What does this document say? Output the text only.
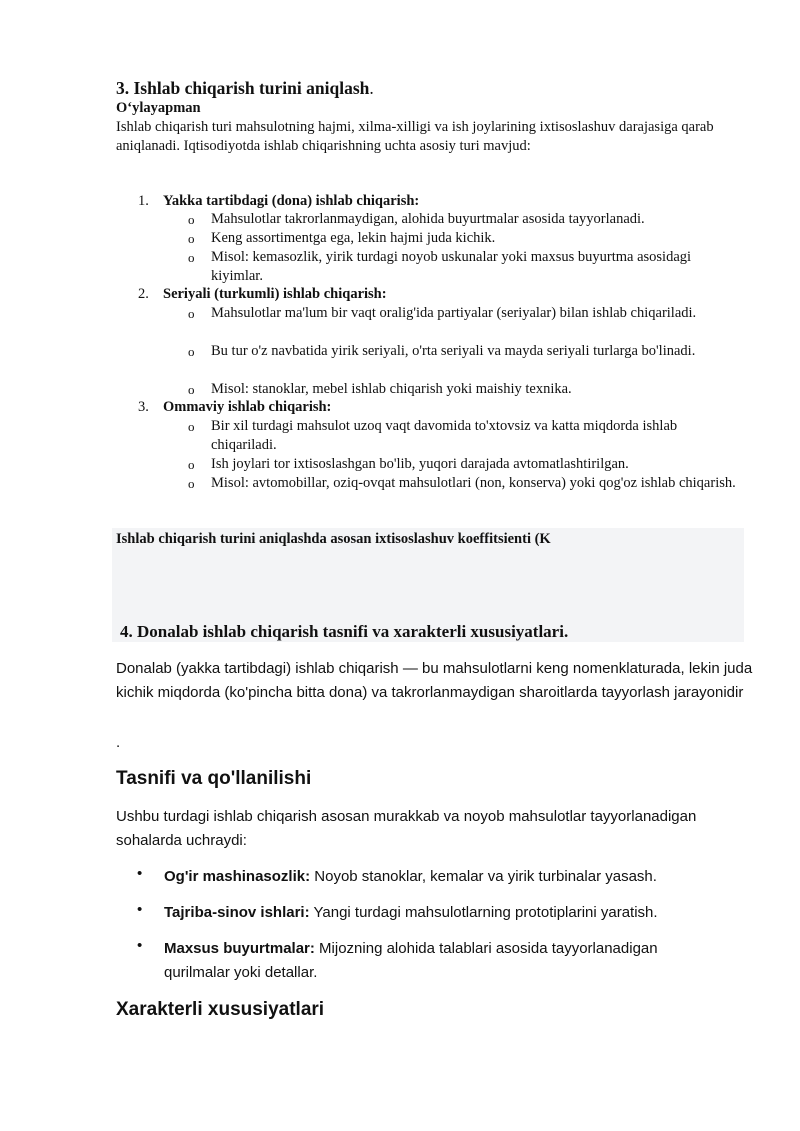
3. Ishlab chiqarish turini aniqlash.
O‘ylayapman
Ishlab chiqarish turi mahsulotning hajmi, xilma-xilligi va ish joylarining ixtisoslashuv darajasiga qarab aniqlanadi. Iqtisodiyotda ishlab chiqarishning uchta asosiy turi mavjud:
1. Yakka tartibdagi (dona) ishlab chiqarish:
o Mahsulotlar takrorlanmaydigan, alohida buyurtmalar asosida tayyorlanadi.
o Keng assortimentga ega, lekin hajmi juda kichik.
o Misol: kemasozlik, yirik turdagi noyob uskunalar yoki maxsus buyurtma asosidagi kiyimlar.
2. Seriyali (turkumli) ishlab chiqarish:
o Mahsulotlar ma'lum bir vaqt oralig'ida partiyalar (seriyalar) bilan ishlab chiqariladi.
o Bu tur o'z navbatida yirik seriyali, o'rta seriyali va mayda seriyali turlarga bo'linadi.
o Misol: stanoklar, mebel ishlab chiqarish yoki maishiy texnika.
3. Ommaviy ishlab chiqarish:
o Bir xil turdagi mahsulot uzoq vaqt davomida to'xtovsiz va katta miqdorda ishlab chiqariladi.
o Ish joylari tor ixtisoslashgan bo'lib, yuqori darajada avtomatlashtirilgan.
o Misol: avtomobillar, oziq-ovqat mahsulotlari (non, konserva) yoki qog'oz ishlab chiqarish.
Ishlab chiqarish turini aniqlashda asosan ixtisoslashuv koeffitsienti (K
4. Donalab ishlab chiqarish tasnifi va xarakterli xususiyatlari.
Donalab (yakka tartibdagi) ishlab chiqarish — bu mahsulotlarni keng nomenklaturada, lekin juda kichik miqdorda (ko'pincha bitta dona) va takrorlanmaydigan sharoitlarda tayyorlash jarayonidir
.
Tasnifi va qo'llanilishi
Ushbu turdagi ishlab chiqarish asosan murakkab va noyob mahsulotlar tayyorlanadigan sohalarda uchraydi:
• Og'ir mashinasozlik: Noyob stanoklar, kemalar va yirik turbinalar yasash.
• Tajriba-sinov ishlari: Yangi turdagi mahsulotlarning prototiplarini yaratish.
• Maxsus buyurtmalar: Mijozning alohida talablari asosida tayyorlanadigan qurilmalar yoki detallar.
Xarakterli xususiyatlari
